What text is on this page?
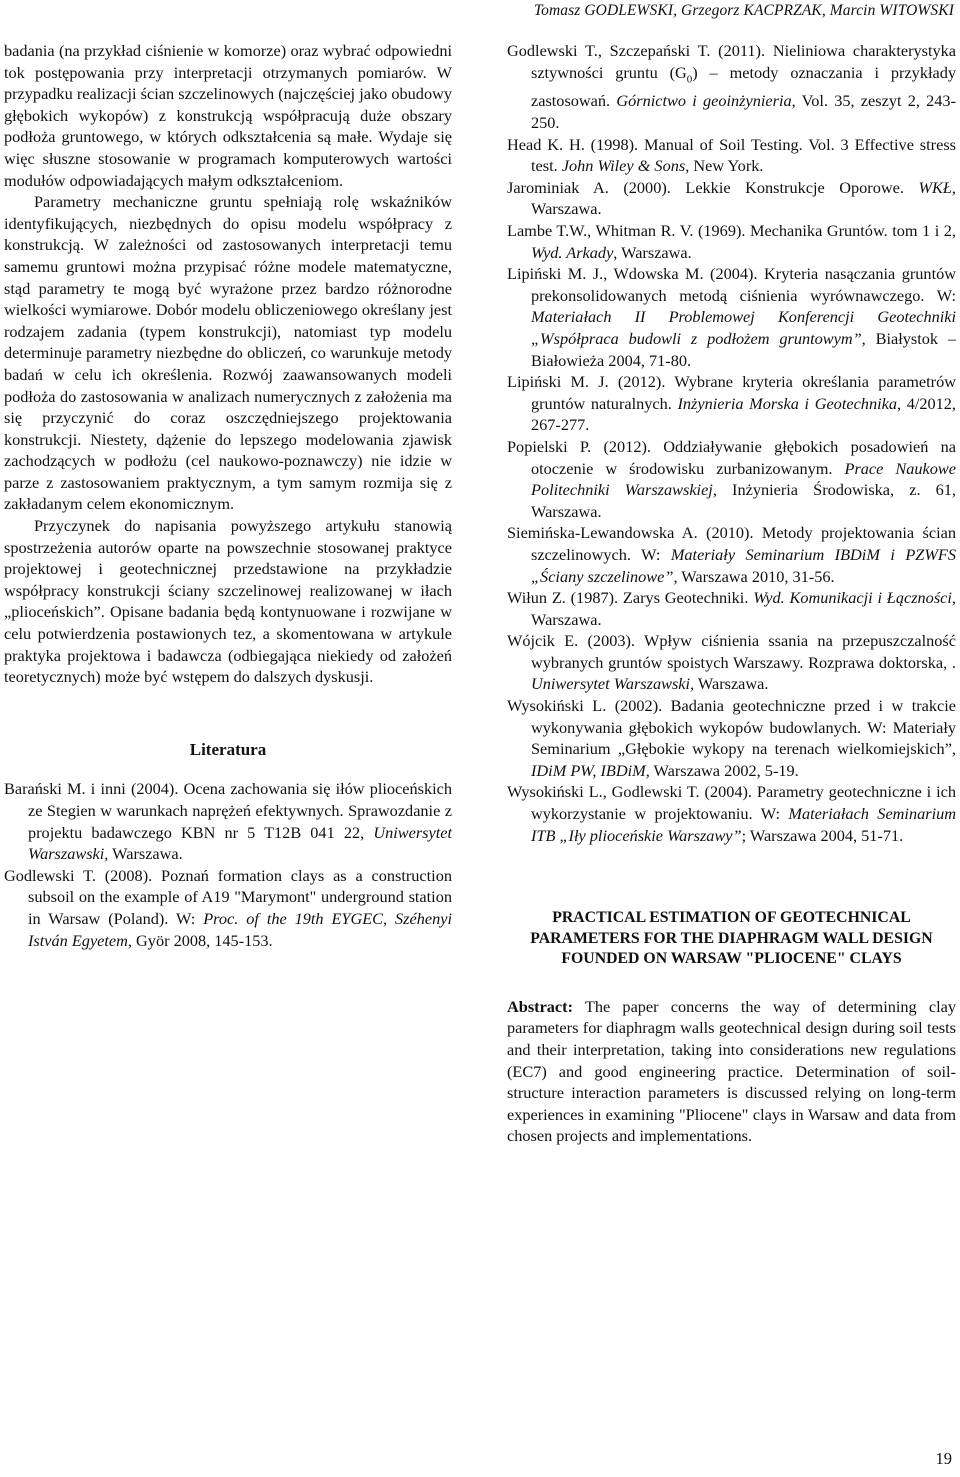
Tomasz GODLEWSKI, Grzegorz KACPRZAK, Marcin WITOWSKI

badania (na przykład ciśnienie w komorze) oraz wybrać odpowiedni tok postępowania przy interpretacji otrzymanych pomiarów. W przypadku realizacji ścian szczelinowych (najczęściej jako obudowy głębokich wykopów) z konstrukcją współpracują duże obszary podłoża gruntowego, w których odkształcenia są małe. Wydaje się więc słuszne stosowanie w programach komputerowych wartości modułów odpowiadających małym odkształceniom.

Parametry mechaniczne gruntu spełniają rolę wskaźników identyfikujących, niezbędnych do opisu modelu współpracy z konstrukcją. W zależności od zastosowanych interpretacji temu samemu gruntowi można przypisać różne modele matematyczne, stąd parametry te mogą być wyrażone przez bardzo różnorodne wielkości wymiarowe. Dobór modelu obliczeniowego określany jest rodzajem zadania (typem konstrukcji), natomiast typ modelu determinuje parametry niezbędne do obliczeń, co warunkuje metody badań w celu ich określenia. Rozwój zaawansowanych modeli podłoża do zastosowania w analizach numerycznych z założenia ma się przyczynić do coraz oszczędniejszego projektowania konstrukcji. Niestety, dążenie do lepszego modelowania zjawisk zachodzących w podłożu (cel naukowo-poznawczy) nie idzie w parze z zastosowaniem praktycznym, a tym samym rozmija się z zakładanym celem ekonomicznym.

Przyczynek do napisania powyższego artykułu stanowią spostrzeżenia autorów oparte na powszechnie stosowanej praktyce projektowej i geotechnicznej przedstawione na przykładzie współpracy konstrukcji ściany szczelinowej realizowanej w iłach „plioceńskich”. Opisane badania będą kontynuowane i rozwijane w celu potwierdzenia postawionych tez, a skomentowana w artykule praktyka projektowa i badawcza (odbiegająca niekiedy od założeń teoretycznych) może być wstępem do dalszych dyskusji.

Literatura

Barański M. i inni (2004). Ocena zachowania się iłów plioceńskich ze Stegien w warunkach naprężeń efektywnych. Sprawozdanie z projektu badawczego KBN nr 5 T12B 041 22, Uniwersytet Warszawski, Warszawa.

Godlewski T. (2008). Poznań formation clays as a construction subsoil on the example of A19 "Marymont" underground station in Warsaw (Poland). W: Proc. of the 19th EYGEC, Széhenyi István Egyetem, Györ 2008, 145-153.

Godlewski T., Szczepański T. (2011). Nieliniowa charakterystyka sztywności gruntu $(G_0)$ – metody oznaczania i przykłady zastosowań. Górnictwo i geoinżynieria, Vol. 35, zeszyt 2, 243-250.

Head K. H. (1998). Manual of Soil Testing. Vol. 3 Effective stress test. John Wiley & Sons, New York.

Jarominiak A. (2000). Lekkie Konstrukcje Oporowe. WKŁ, Warszawa.

Lambe T.W., Whitman R. V. (1969). Mechanika Gruntów. tom 1 i 2, Wyd. Arkady, Warszawa.

Lipiński M. J., Wdowska M. (2004). Kryteria nasączania gruntów prekonsolidowanych metodą ciśnienia wyrównawczego. W: Materiałach II Problemowej Konferencji Geotechniki „Współpraca budowli z podłożem gruntowym”, Białystok – Białowieża 2004, 71-80.

Lipiński M. J. (2012). Wybrane kryteria określania parametrów gruntów naturalnych. Inżynieria Morska i Geotechnika, 4/2012, 267-277.

Popielski P. (2012). Oddziaływanie głębokich posadowień na otoczenie w środowisku zurbanizowanym. Prace Naukowe Politechniki Warszawskiej, Inżynieria Środowiska, z. 61, Warszawa.

Siemińska-Lewandowska A. (2010). Metody projektowania ścian szczelinowych. W: Materiały Seminarium IBDiM i PZWFS „Ściany szczelinowe”, Warszawa 2010, 31-56.

Wiłun Z. (1987). Zarys Geotechniki. Wyd. Komunikacji i Łączności, Warszawa.

Wójcik E. (2003). Wpływ ciśnienia ssania na przepuszczalność wybranych gruntów spoistych Warszawy. Rozprawa doktorska, . Uniwersytet Warszawski, Warszawa.

Wysokiński L. (2002). Badania geotechniczne przed i w trakcie wykonywania głębokich wykopów budowlanych. W: Materiały Seminarium „Głębokie wykopy na terenach wielkomiejskich”, IDiM PW, IBDiM, Warszawa 2002, 5-19.

Wysokiński L., Godlewski T. (2004). Parametry geotechniczne i ich wykorzystanie w projektowaniu. W: Materiałach Seminarium ITB „Iły plioceńskie Warszawy”; Warszawa 2004, 51-71.

PRACTICAL ESTIMATION OF GEOTECHNICAL PARAMETERS FOR THE DIAPHRAGM WALL DESIGN FOUNDED ON WARSAW "PLIOCENE" CLAYS

Abstract: The paper concerns the way of determining clay parameters for diaphragm walls geotechnical design during soil tests and their interpretation, taking into considerations new regulations (EC7) and good engineering practice. Determination of soil-structure interaction parameters is discussed relying on long-term experiences in examining "Pliocene" clays in Warsaw and data from chosen projects and implementations.

19
